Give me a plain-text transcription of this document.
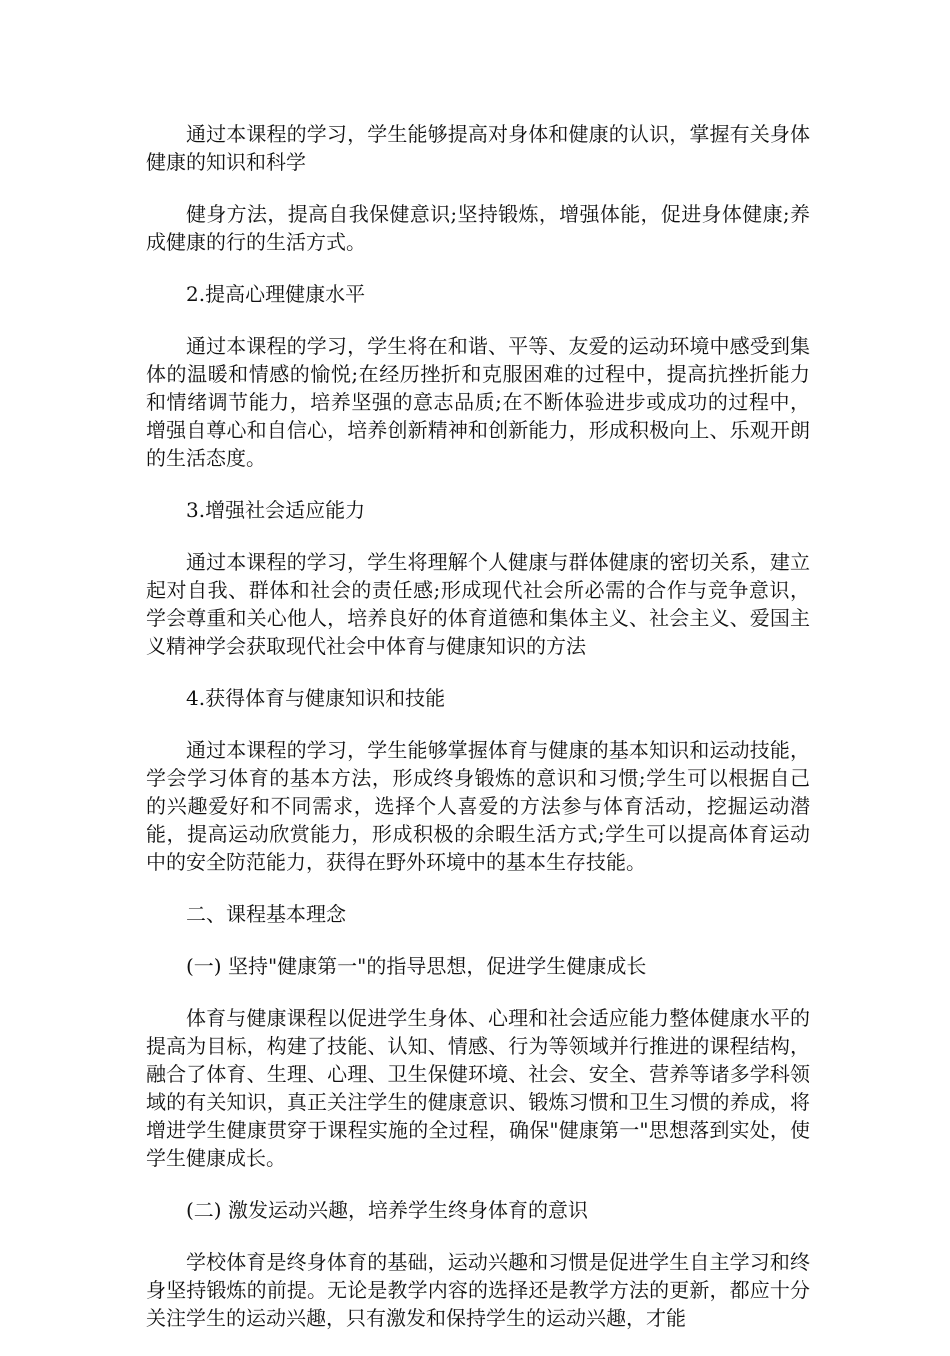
通过本课程的学习，学生能够提高对身体和健康的认识，掌握有关身体健康的知识和科学

健身方法，提高自我保健意识;坚持锻炼，增强体能，促进身体健康;养成健康的行的生活方式。

2.提高心理健康水平

通过本课程的学习，学生将在和谐、平等、友爱的运动环境中感受到集体的温暖和情感的愉悦;在经历挫折和克服困难的过程中，提高抗挫折能力和情绪调节能力，培养坚强的意志品质;在不断体验进步或成功的过程中，增强自尊心和自信心，培养创新精神和创新能力，形成积极向上、乐观开朗的生活态度。

3.增强社会适应能力

通过本课程的学习，学生将理解个人健康与群体健康的密切关系，建立起对自我、群体和社会的责任感;形成现代社会所必需的合作与竞争意识，学会尊重和关心他人，培养良好的体育道德和集体主义、社会主义、爱国主义精神学会获取现代社会中体育与健康知识的方法

4.获得体育与健康知识和技能

通过本课程的学习，学生能够掌握体育与健康的基本知识和运动技能，学会学习体育的基本方法，形成终身锻炼的意识和习惯;学生可以根据自己的兴趣爱好和不同需求，选择个人喜爱的方法参与体育活动，挖掘运动潜能，提高运动欣赏能力，形成积极的余暇生活方式;学生可以提高体育运动中的安全防范能力，获得在野外环境中的基本生存技能。

二、课程基本理念

(一) 坚持"健康第一"的指导思想，促进学生健康成长

体育与健康课程以促进学生身体、心理和社会适应能力整体健康水平的提高为目标，构建了技能、认知、情感、行为等领域并行推进的课程结构，融合了体育、生理、心理、卫生保健环境、社会、安全、营养等诸多学科领域的有关知识，真正关注学生的健康意识、锻炼习惯和卫生习惯的养成，将增进学生健康贯穿于课程实施的全过程，确保"健康第一"思想落到实处，使学生健康成长。

(二) 激发运动兴趣，培养学生终身体育的意识

学校体育是终身体育的基础，运动兴趣和习惯是促进学生自主学习和终身坚持锻炼的前提。无论是教学内容的选择还是教学方法的更新，都应十分关注学生的运动兴趣，只有激发和保持学生的运动兴趣，才能
